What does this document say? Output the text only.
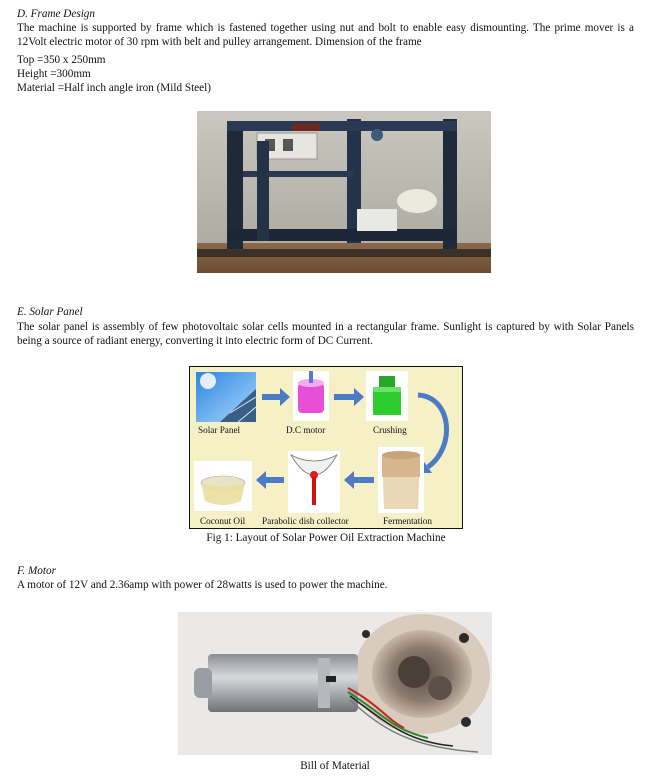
D. Frame Design
The machine is supported by frame which is fastened together using nut and bolt to enable easy dismounting. The prime mover is a 12Volt electric motor of 30 rpm with belt and pulley arrangement. Dimension of the frame
Top =350 x 250mm
Height =300mm
Material =Half inch angle iron (Mild Steel)
E. Solar Panel
The solar panel is assembly of few photovoltaic solar cells mounted in a rectangular frame. Sunlight is captured by with Solar Panels being a source of radiant energy, converting it into electric form of DC Current.
Solar Panel	D.C motor	Crushing
Coconut Oil Parabolic dish collector	Fermentation
Fig 1: Layout of Solar Power Oil Extraction Machine
F. Motor
A motor of 12V and 2.36amp with power of 28watts is used to power the machine.
Bill of Material
